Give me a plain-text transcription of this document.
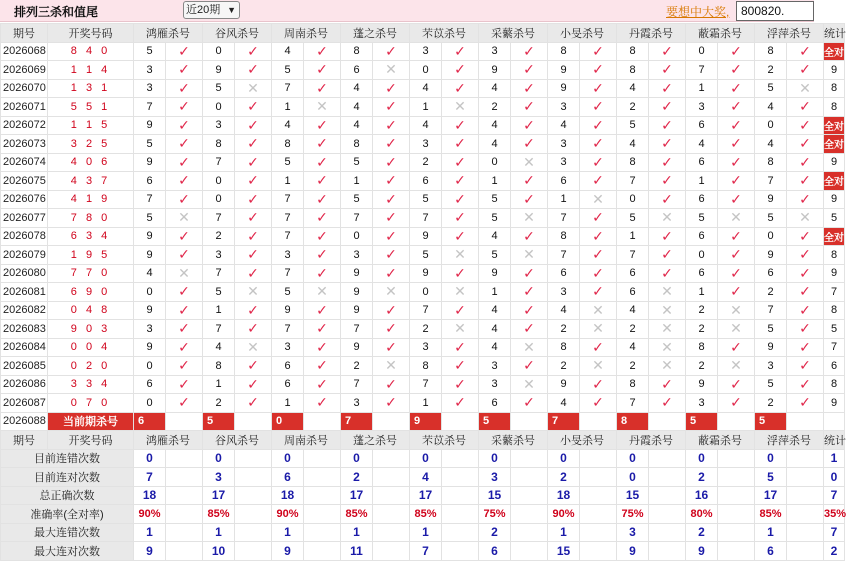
排列三杀和值尾	近20期 ▼	要想中大奖, 800820.
期号	开奖号码	鸿雁杀号		谷风杀号		周南杀号		蓬之杀号		芣苡杀号		采蘩杀号		小旻杀号		丹霞杀号		蔽霜杀号		浮萍杀号		统计
2026068	8 4 0	5	✓	0	✓	4	✓	8	✓	3	✓	3	✓	8	✓	8	✓	0	✓	8	✓	全对
2026069	1 1 4	3	✓	9	✓	5	✓	6	✕	0	✓	9	✓	9	✓	8	✓	7	✓	2	✓	9
2026070	1 3 1	3	✓	5	✕	7	✓	4	✓	4	✓	4	✓	9	✓	4	✓	1	✓	5	✕	8
2026071	5 5 1	7	✓	0	✓	1	✕	4	✓	1	✕	2	✓	3	✓	2	✓	3	✓	4	✓	8
2026072	1 1 5	9	✓	3	✓	4	✓	4	✓	4	✓	4	✓	4	✓	5	✓	6	✓	0	✓	全对
2026073	3 2 5	5	✓	8	✓	8	✓	8	✓	3	✓	4	✓	3	✓	4	✓	4	✓	4	✓	全对
2026074	4 0 6	9	✓	7	✓	5	✓	5	✓	2	✓	0	✕	3	✓	8	✓	6	✓	8	✓	9
2026075	4 3 7	6	✓	0	✓	1	✓	1	✓	6	✓	1	✓	6	✓	7	✓	1	✓	7	✓	全对
2026076	4 1 9	7	✓	0	✓	7	✓	5	✓	5	✓	5	✓	1	✕	0	✓	6	✓	9	✓	9
2026077	7 8 0	5	✕	7	✓	7	✓	7	✓	7	✓	5	✕	7	✓	5	✕	5	✕	5	✕	5
2026078	6 3 4	9	✓	2	✓	7	✓	0	✓	9	✓	4	✓	8	✓	1	✓	6	✓	0	✓	全对
2026079	1 9 5	9	✓	3	✓	3	✓	3	✓	5	✕	5	✕	7	✓	7	✓	0	✓	9	✓	8
2026080	7 7 0	4	✕	7	✓	7	✓	9	✓	9	✓	9	✓	6	✓	6	✓	6	✓	6	✓	9
2026081	6 9 0	0	✓	5	✕	5	✕	9	✕	0	✕	1	✓	3	✓	6	✕	1	✓	2	✓	7
2026082	0 4 8	9	✓	1	✓	9	✓	9	✓	7	✓	4	✓	4	✕	4	✕	2	✕	7	✓	8
2026083	9 0 3	3	✓	7	✓	7	✓	7	✓	2	✕	4	✓	2	✕	2	✕	2	✕	5	✓	5
2026084	0 0 4	9	✓	4	✕	3	✓	9	✓	3	✓	4	✕	8	✓	4	✕	8	✓	9	✓	7
2026085	0 2 0	0	✓	8	✓	6	✓	2	✕	8	✓	3	✓	2	✕	2	✕	2	✕	3	✓	6
2026086	3 3 4	6	✓	1	✓	6	✓	7	✓	7	✓	3	✕	9	✓	8	✓	9	✓	5	✓	8
2026087	0 7 0	0	✓	2	✓	1	✓	3	✓	1	✓	6	✓	4	✓	7	✓	3	✓	2	✓	9
2026088	当前期杀号	6		5		0		7		9		5		7		8		5		5		
期号	开奖号码	鸿雁杀号		谷风杀号		周南杀号		蓬之杀号		芣苡杀号		采蘩杀号		小旻杀号		丹霞杀号		蔽霜杀号		浮萍杀号		统计
目前连错次数		0		0		0		0		0		0		0		0		0		0		1
目前连对次数		7		3		6		2		4		3		2		0		2		5		0
总正确次数		18		17		18		17		17		15		18		15		16		17		7
准确率(全对率)		90%		85%		90%		85%		85%		75%		90%		75%		80%		85%		35%
最大连错次数		1		1		1		1		1		2		1		3		2		1		7
最大连对次数		9		10		9		11		7		6		15		9		9		6		2
